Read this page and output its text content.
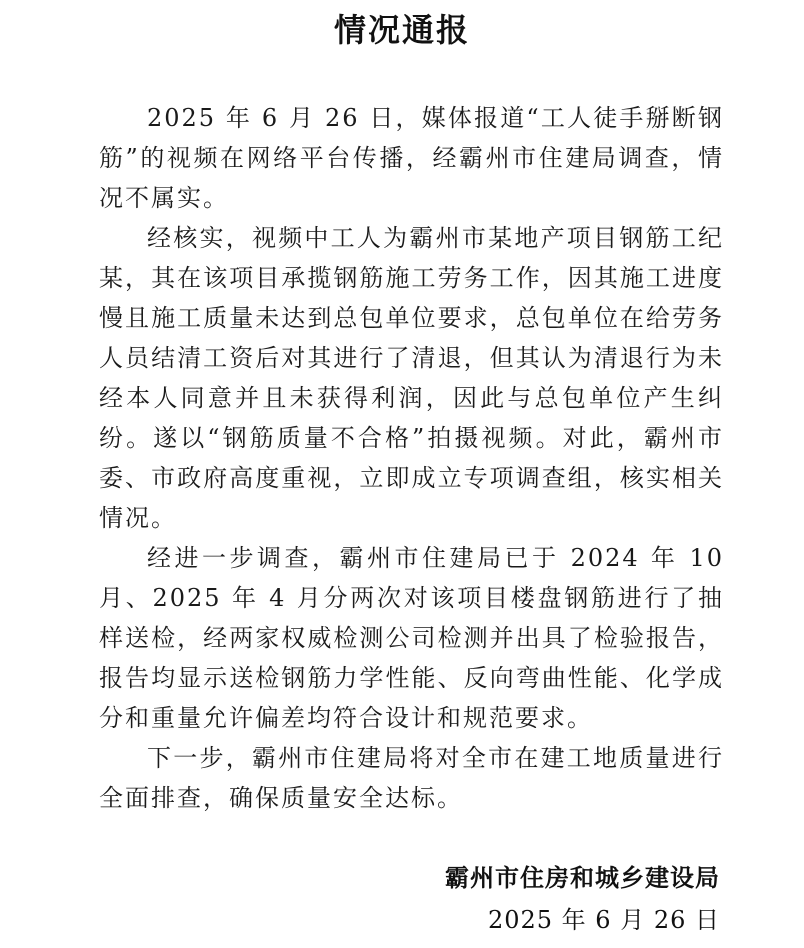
情况通报

2025 年 6 月 26 日，媒体报道“工人徒手掰断钢筋”的视频在网络平台传播，经霸州市住建局调查，情况不属实。

经核实，视频中工人为霸州市某地产项目钢筋工纪某，其在该项目承揽钢筋施工劳务工作，因其施工进度慢且施工质量未达到总包单位要求，总包单位在给劳务人员结清工资后对其进行了清退，但其认为清退行为未经本人同意并且未获得利润，因此与总包单位产生纠纷。遂以“钢筋质量不合格”拍摄视频。对此，霸州市委、市政府高度重视，立即成立专项调查组，核实相关情况。

经进一步调查，霸州市住建局已于 2024 年 10 月、2025 年 4 月分两次对该项目楼盘钢筋进行了抽样送检，经两家权威检测公司检测并出具了检验报告，报告均显示送检钢筋力学性能、反向弯曲性能、化学成分和重量允许偏差均符合设计和规范要求。

下一步，霸州市住建局将对全市在建工地质量进行全面排查，确保质量安全达标。

霸州市住房和城乡建设局
2025 年 6 月 26 日
